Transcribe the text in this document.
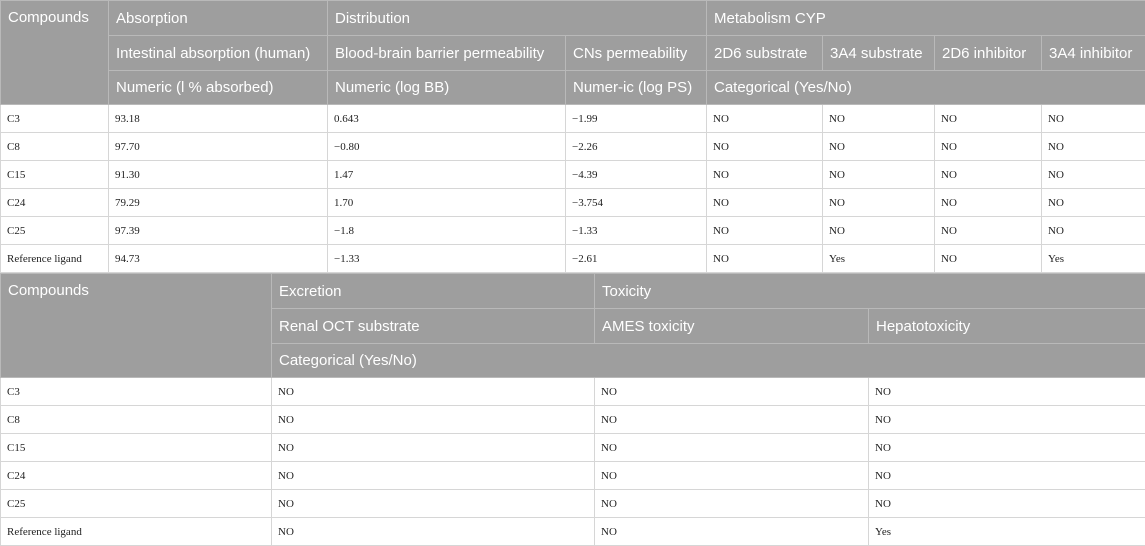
Compounds	Absorption	Distribution		Metabolism CYP			
	Intestinal absorption (human)	Blood-brain barrier permeability	CNs permeability	2D6 substrate	3A4 substrate	2D6 inhibitor	3A4 inhibitor
	Numeric (l % absorbed)	Numeric (log BB)	Numer-ic (log PS)	Categorical (Yes/No)			
C3	93.18	0.643	−1.99	NO	NO	NO	NO
C8	97.70	−0.80	−2.26	NO	NO	NO	NO
C15	91.30	1.47	−4.39	NO	NO	NO	NO
C24	79.29	1.70	−3.754	NO	NO	NO	NO
C25	97.39	−1.8	−1.33	NO	NO	NO	NO
Reference ligand	94.73	−1.33	−2.61	NO	Yes	NO	Yes
Compounds	Excretion	Toxicity	
	Renal OCT substrate	AMES toxicity	Hepatotoxicity
	Categorical (Yes/No)		
C3	NO	NO	NO
C8	NO	NO	NO
C15	NO	NO	NO
C24	NO	NO	NO
C25	NO	NO	NO
Reference ligand	NO	NO	Yes
